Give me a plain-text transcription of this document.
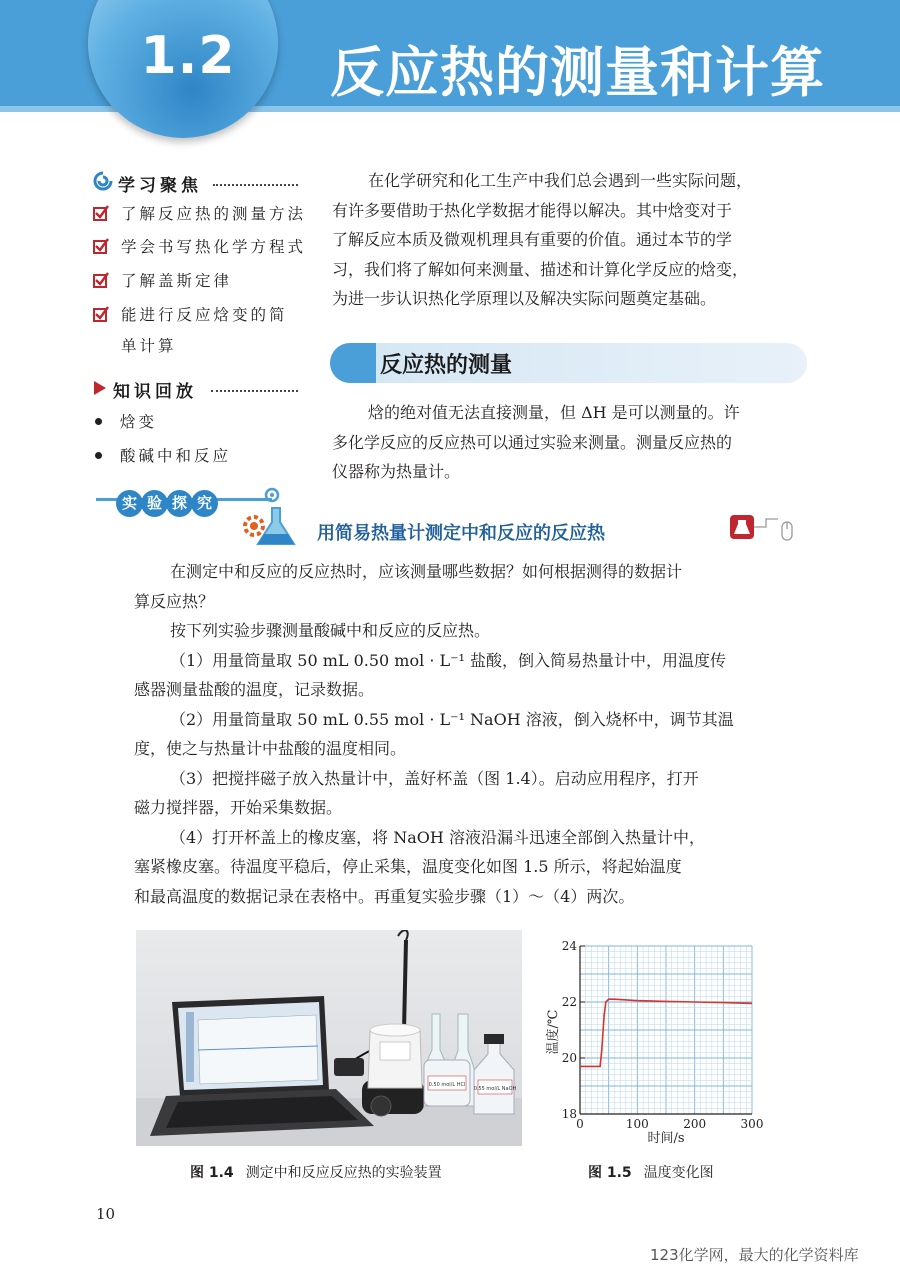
1.2 反应热的测量和计算
学习聚焦
了解反应热的测量方法
学会书写热化学方程式
了解盖斯定律
能进行反应焓变的简
单计算
知识回放
焓变
酸碱中和反应
在化学研究和化工生产中我们总会遇到一些实际问题，
有许多要借助于热化学数据才能得以解决。其中焓变对于
了解反应本质及微观机理具有重要的价值。通过本节的学
习，我们将了解如何来测量、描述和计算化学反应的焓变，
为进一步认识热化学原理以及解决实际问题奠定基础。
反应热的测量
焓的绝对值无法直接测量，但 ΔH 是可以测量的。许
多化学反应的反应热可以通过实验来测量。测量反应热的
仪器称为热量计。
实 验 探 究
用简易热量计测定中和反应的反应热
在测定中和反应的反应热时，应该测量哪些数据？如何根据测得的数据计
算反应热？
按下列实验步骤测量酸碱中和反应的反应热。
（1）用量筒量取 50 mL 0.50 mol · L⁻¹ 盐酸，倒入简易热量计中，用温度传
感器测量盐酸的温度，记录数据。
（2）用量筒量取 50 mL 0.55 mol · L⁻¹ NaOH 溶液，倒入烧杯中，调节其温
度，使之与热量计中盐酸的温度相同。
（3）把搅拌磁子放入热量计中，盖好杯盖（图 1.4）。启动应用程序，打开
磁力搅拌器，开始采集数据。
（4）打开杯盖上的橡皮塞，将 NaOH 溶液沿漏斗迅速全部倒入热量计中，
塞紧橡皮塞。待温度平稳后，停止采集，温度变化如图 1.5 所示，将起始温度
和最高温度的数据记录在表格中。再重复实验步骤（1）～（4）两次。
0.50 mol/L HCl
0.55 mol/L NaOH
图 1.4 测定中和反应反应热的实验装置
18
20
22
24
0	100	200	300
时间/s
温度/℃
图 1.5 温度变化图
10
123化学网，最大的化学资料库
